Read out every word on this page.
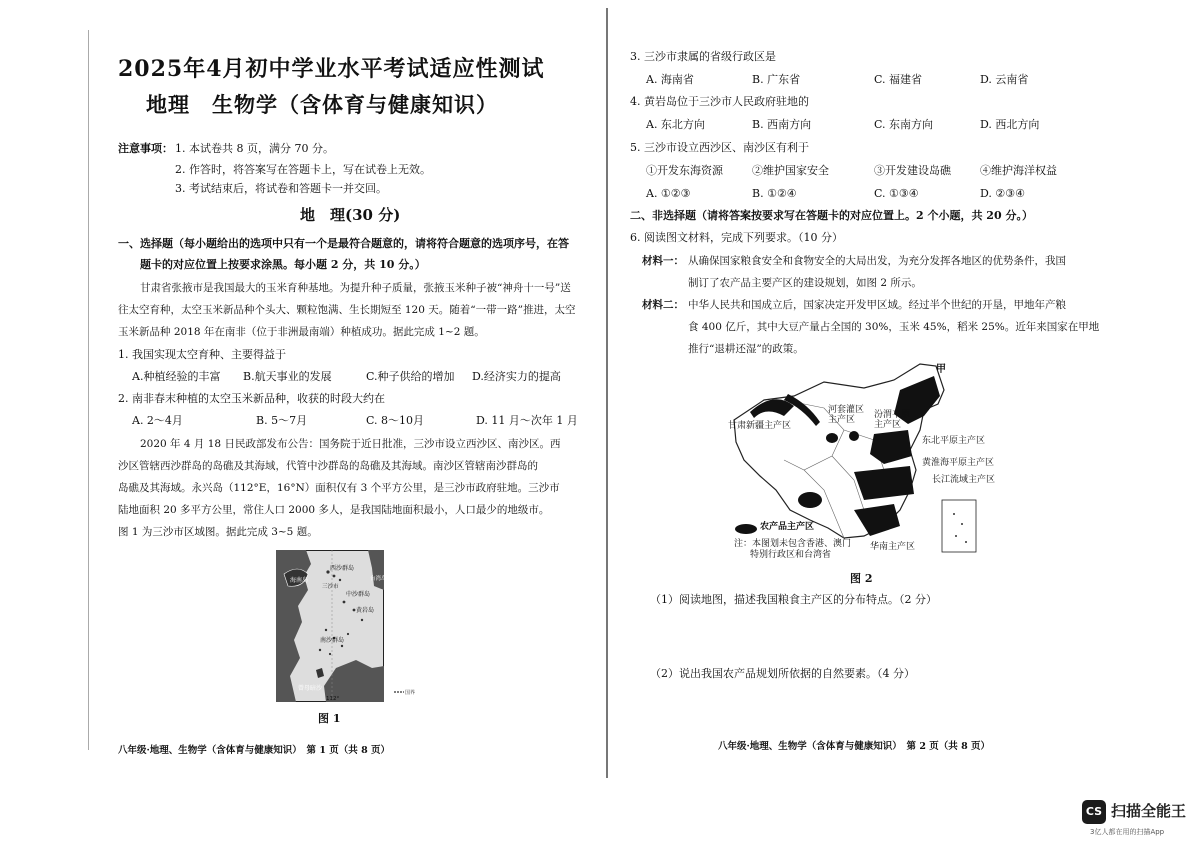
2025年4月初中学业水平考试适应性测试
地理　生物学（含体育与健康知识）
注意事项： 1. 本试卷共 8 页，满分 70 分。
2. 作答时，将答案写在答题卡上，写在试卷上无效。
3. 考试结束后，将试卷和答题卡一并交回。
地　理(30 分)
一、选择题（每小题给出的选项中只有一个是最符合题意的，请将符合题意的选项序号，在答
题卡的对应位置上按要求涂黑。每小题 2 分，共 10 分。）
甘肃省张掖市是我国最大的玉米育种基地。为提升种子质量，张掖玉米种子被“神舟十一号”送
往太空育种，太空玉米新品种个头大、颗粒饱满、生长期短至 120 天。随着“一带一路”推进，太空
玉米新品种 2018 年在南非（位于非洲最南端）种植成功。据此完成 1~2 题。
1. 我国实现太空育种、主要得益于
A.种植经验的丰富 B.航天事业的发展	C.种子供给的增加 D.经济实力的提高
2. 南非春末种植的太空玉米新品种，收获的时段大约在
A. 2～4月	B. 5～7月	C. 8～10月	D. 11 月～次年 1 月
2020 年 4 月 18 日民政部发布公告：国务院于近日批准，三沙市设立西沙区、南沙区。西
沙区管辖西沙群岛的岛礁及其海域，代管中沙群岛的岛礁及其海域。南沙区管辖南沙群岛的
岛礁及其海域。永兴岛（112°E，16°N）面积仅有 3 个平方公里，是三沙市政府驻地。三沙市
陆地面积 20 多平方公里，常住人口 2000 多人，是我国陆地面积最小，人口最少的地级市。
图 1 为三沙市区域图。据此完成 3~5 题。
海南岛
西沙群岛
三沙市
中沙群岛
黄岩岛
南沙群岛
台湾岛
曾母暗沙
112°
国界
图 1
八年级·地理、生物学（含体育与健康知识）　第 1 页（共 8 页）
3. 三沙市隶属的省级行政区是
A. 海南省	B. 广东省	C. 福建省	D. 云南省
4. 黄岩岛位于三沙市人民政府驻地的
A. 东北方向	B. 西南方向	C. 东南方向	D. 西北方向
5. 三沙市设立西沙区、南沙区有利于
①开发东海资源	②维护国家安全	③开发建设岛礁	④维护海洋权益
A. ①②③	B. ①②④	C. ①③④	D. ②③④
二、非选择题（请将答案按要求写在答题卡的对应位置上。2 个小题，共 20 分。）
6. 阅读图文材料，完成下列要求。（10 分）
材料一： 从确保国家粮食安全和食物安全的大局出发，为充分发挥各地区的优势条件，我国
制订了农产品主要产区的建设规划，如图 2 所示。
材料二： 中华人民共和国成立后，国家决定开发甲区域。经过半个世纪的开垦，甲地年产粮
食 400 亿斤，其中大豆产量占全国的 30%，玉米 45%，稻米 25%。近年来国家在甲地
推行“退耕还湿”的政策。
甲
河套灌区
主产区	汾渭平原
主产区
甘肃新疆主产区
东北平原主产区
黄淮海平原主产区
长江流域主产区
华南主产区
农产品主产区
注：本图划未包含香港、澳门
特别行政区和台湾省
图 2
（1）阅读地图，描述我国粮食主产区的分布特点。（2 分）
（2）说出我国农产品规划所依据的自然要素。（4 分）
八年级·地理、生物学（含体育与健康知识）　第 2 页（共 8 页）
CS 扫描全能王
3亿人都在用的扫描App
